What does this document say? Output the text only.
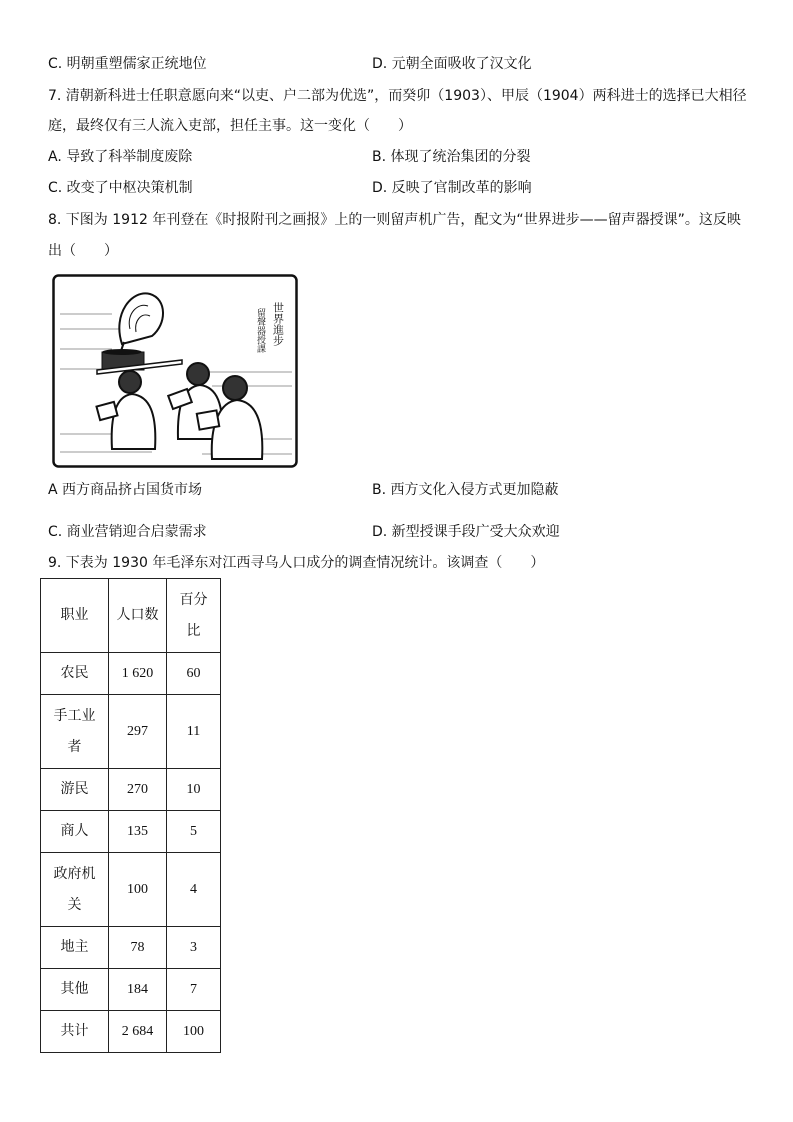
C. 明朝重塑儒家正统地位	D. 元朝全面吸收了汉文化
7. 清朝新科进士任职意愿向来“以吏、户二部为优选”，而癸卯（1903）、甲辰（1904）两科进士的选择已大相径
庭，最终仅有三人流入吏部，担任主事。这一变化（　　）
A. 导致了科举制度废除	B. 体现了统治集团的分裂
C. 改变了中枢决策机制	D. 反映了官制改革的影响
8. 下图为 1912 年刊登在《时报附刊之画报》上的一则留声机广告，配文为“世界进步——留声器授课”。这反映
出（　　）
世界進步
留聲器授課
A 西方商品挤占国货市场	B. 西方文化入侵方式更加隐蔽
C. 商业营销迎合启蒙需求	D. 新型授课手段广受大众欢迎
9. 下表为 1930 年毛泽东对江西寻乌人口成分的调查情况统计。该调查（　　）
职业	人口数	百分比
农民	1 620	60
手工业者	297	11
游民	270	10
商人	135	5
政府机关	100	4
地主	78	3
其他	184	7
共计	2 684	100
